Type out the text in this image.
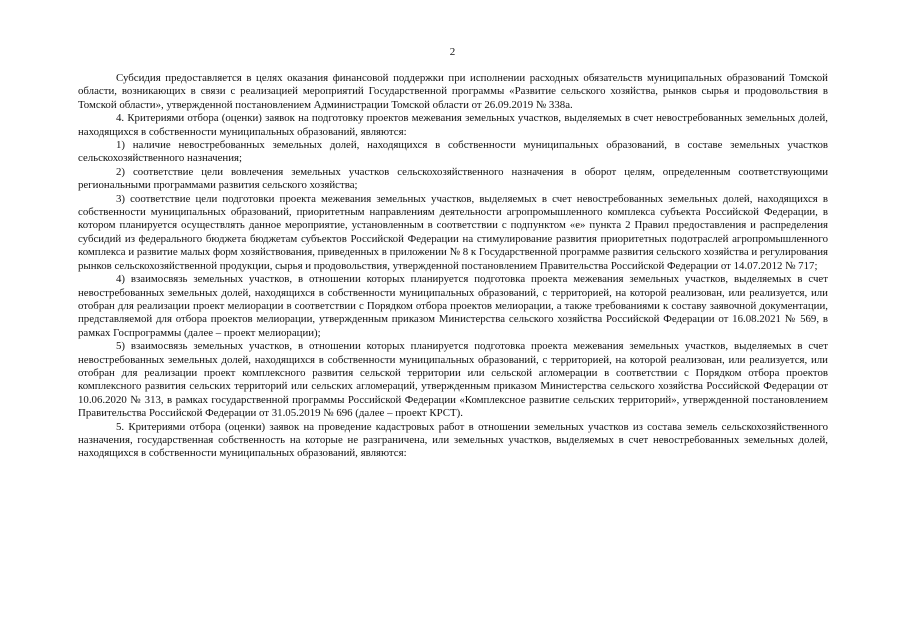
2

Субсидия предоставляется в целях оказания финансовой поддержки при исполнении расходных обязательств муниципальных образований Томской области, возникающих в связи с реализацией мероприятий Государственной программы «Развитие сельского хозяйства, рынков сырья и продовольствия в Томской области», утвержденной постановлением Администрации Томской области от 26.09.2019 № 338а.

4. Критериями отбора (оценки) заявок на подготовку проектов межевания земельных участков, выделяемых в счет невостребованных земельных долей, находящихся в собственности муниципальных образований, являются:

1) наличие невостребованных земельных долей, находящихся в собственности муниципальных образований, в составе земельных участков сельскохозяйственного назначения;

2) соответствие цели вовлечения земельных участков сельскохозяйственного назначения в оборот целям, определенным соответствующими региональными программами развития сельского хозяйства;

3) соответствие цели подготовки проекта межевания земельных участков, выделяемых в счет невостребованных земельных долей, находящихся в собственности муниципальных образований, приоритетным направлениям деятельности агропромышленного комплекса субъекта Российской Федерации, в котором планируется осуществлять данное мероприятие, установленным в соответствии с подпунктом «е» пункта 2 Правил предоставления и распределения субсидий из федерального бюджета бюджетам субъектов Российской Федерации на стимулирование развития приоритетных подотраслей агропромышленного комплекса и развитие малых форм хозяйствования, приведенных в приложении № 8 к Государственной программе развития сельского хозяйства и регулирования рынков сельскохозяйственной продукции, сырья и продовольствия, утвержденной постановлением Правительства Российской Федерации от 14.07.2012 № 717;

4) взаимосвязь земельных участков, в отношении которых планируется подготовка проекта межевания земельных участков, выделяемых в счет невостребованных земельных долей, находящихся в собственности муниципальных образований, с территорией, на которой реализован, или реализуется, или отобран для реализации проект мелиорации в соответствии с Порядком отбора проектов мелиорации, а также требованиями к составу заявочной документации, представляемой для отбора проектов мелиорации, утвержденным приказом Министерства сельского хозяйства Российской Федерации от 16.08.2021 № 569, в рамках Госпрограммы (далее – проект мелиорации);

5) взаимосвязь земельных участков, в отношении которых планируется подготовка проекта межевания земельных участков, выделяемых в счет невостребованных земельных долей, находящихся в собственности муниципальных образований, с территорией, на которой реализован, или реализуется, или отобран для реализации проект комплексного развития сельской территории или сельской агломерации в соответствии с Порядком отбора проектов комплексного развития сельских территорий или сельских агломераций, утвержденным приказом Министерства сельского хозяйства Российской Федерации от 10.06.2020 № 313, в рамках государственной программы Российской Федерации «Комплексное развитие сельских территорий», утвержденной постановлением Правительства Российской Федерации от 31.05.2019 № 696 (далее – проект КРСТ).

5. Критериями отбора (оценки) заявок на проведение кадастровых работ в отношении земельных участков из состава земель сельскохозяйственного назначения, государственная собственность на которые не разграничена, или земельных участков, выделяемых в счет невостребованных земельных долей, находящихся в собственности муниципальных образований, являются:
